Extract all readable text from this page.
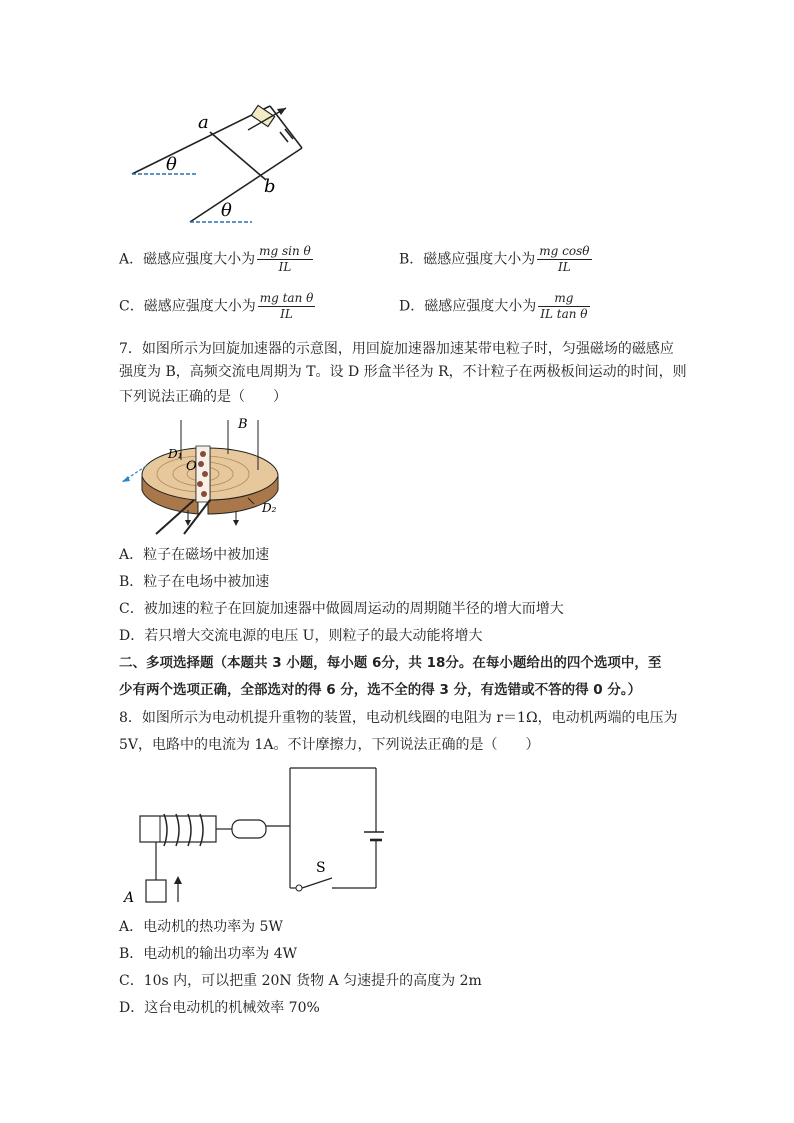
a
b
θ
θ
A．磁感应强度大小为 $\frac{\text{mg sin θ}}{IL}$	B．磁感应强度大小为 $\frac{\text{mg cosθ}}{IL}$
C．磁感应强度大小为 $\frac{\text{mg tan θ}}{IL}$	D．磁感应强度大小为 $\frac{mg}{\text{IL tan θ}}$
7．如图所示为回旋加速器的示意图，用回旋加速器加速某带电粒子时，匀强磁场的磁感应
强度为 B，高频交流电周期为 T。设 D 形盒半径为 R，不计粒子在两极板间运动的时间，则
下列说法正确的是（　　）
B
D₁
O
D₂
A．粒子在磁场中被加速
B．粒子在电场中被加速
C．被加速的粒子在回旋加速器中做圆周运动的周期随半径的增大而增大
D．若只增大交流电源的电压 U，则粒子的最大动能将增大
二、多项选择题（本题共 3 小题，每小题 6分，共 18分。在每小题给出的四个选项中，至
少有两个选项正确，全部选对的得 6 分，选不全的得 3 分，有选错或不答的得 0 分。）
8．如图所示为电动机提升重物的装置，电动机线圈的电阻为 r＝1Ω，电动机两端的电压为
5V，电路中的电流为 1A。不计摩擦力，下列说法正确的是（　　）
S
A
A．电动机的热功率为 5W
B．电动机的输出功率为 4W
C．10s 内，可以把重 20N 货物 A 匀速提升的高度为 2m
D．这台电动机的机械效率 70%
